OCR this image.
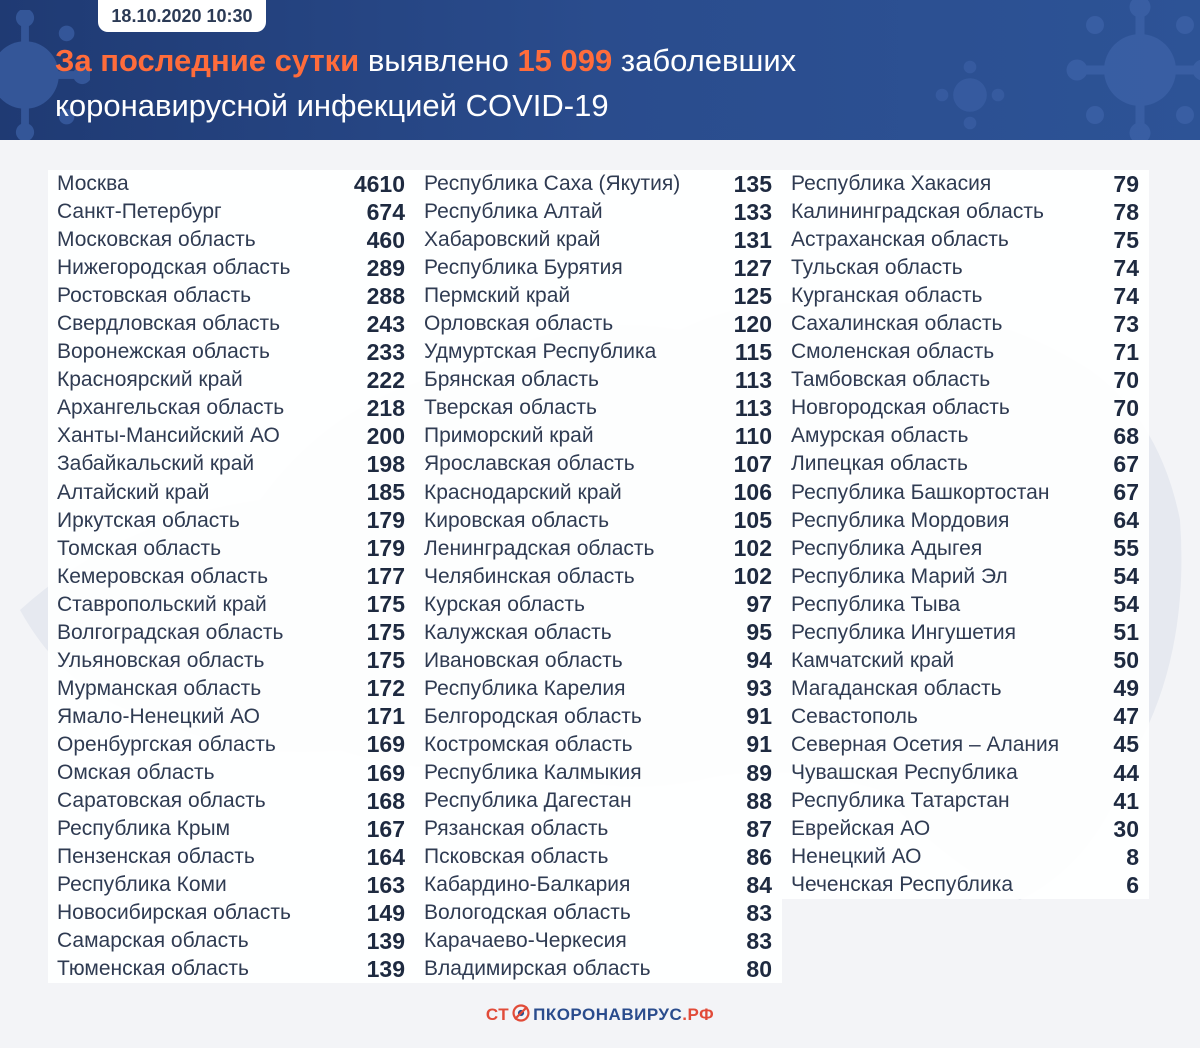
18.10.2020 10:30
За последние сутки выявлено 15 099 заболевших
коронавирусной инфекцией COVID-19
Москва	4610
Санкт-Петербург	674
Московская область	460
Нижегородская область	289
Ростовская область	288
Свердловская область	243
Воронежская область	233
Красноярский край	222
Архангельская область	218
Ханты-Мансийский АО	200
Забайкальский край	198
Алтайский край	185
Иркутская область	179
Томская область	179
Кемеровская область	177
Ставропольский край	175
Волгоградская область	175
Ульяновская область	175
Мурманская область	172
Ямало-Ненецкий АО	171
Оренбургская область	169
Омская область	169
Саратовская область	168
Республика Крым	167
Пензенская область	164
Республика Коми	163
Новосибирская область	149
Самарская область	139
Тюменская область	139
Республика Саха (Якутия) 135
Республика Алтай	133
Хабаровский край	131
Республика Бурятия	127
Пермский край	125
Орловская область	120
Удмуртская Республика	115
Брянская область	113
Тверская область	113
Приморский край	110
Ярославская область	107
Краснодарский край	106
Кировская область	105
Ленинградская область	102
Челябинская область	102
Курская область	97
Калужская область	95
Ивановская область	94
Республика Карелия	93
Белгородская область	91
Костромская область	91
Республика Калмыкия	89
Республика Дагестан	88
Рязанская область	87
Псковская область	86
Кабардино-Балкария	84
Вологодская область	83
Карачаево-Черкесия	83
Владимирская область	80
Республика Хакасия	79
Калининградская область	78
Астраханская область	75
Тульская область	74
Курганская область	74
Сахалинская область	73
Смоленская область	71
Тамбовская область	70
Новгородская область	70
Амурская область	68
Липецкая область	67
Республика Башкортостан	67
Республика Мордовия	64
Республика Адыгея	55
Республика Марий Эл	54
Республика Тыва	54
Республика Ингушетия	51
Камчатский край	50
Магаданская область	49
Севастополь	47
Северная Осетия – Алания 45
Чувашская Республика	44
Республика Татарстан	41
Еврейская АО	30
Ненецкий АО	8
Чеченская Республика	6
СТ ПКОРОНАВИРУС .РФ
